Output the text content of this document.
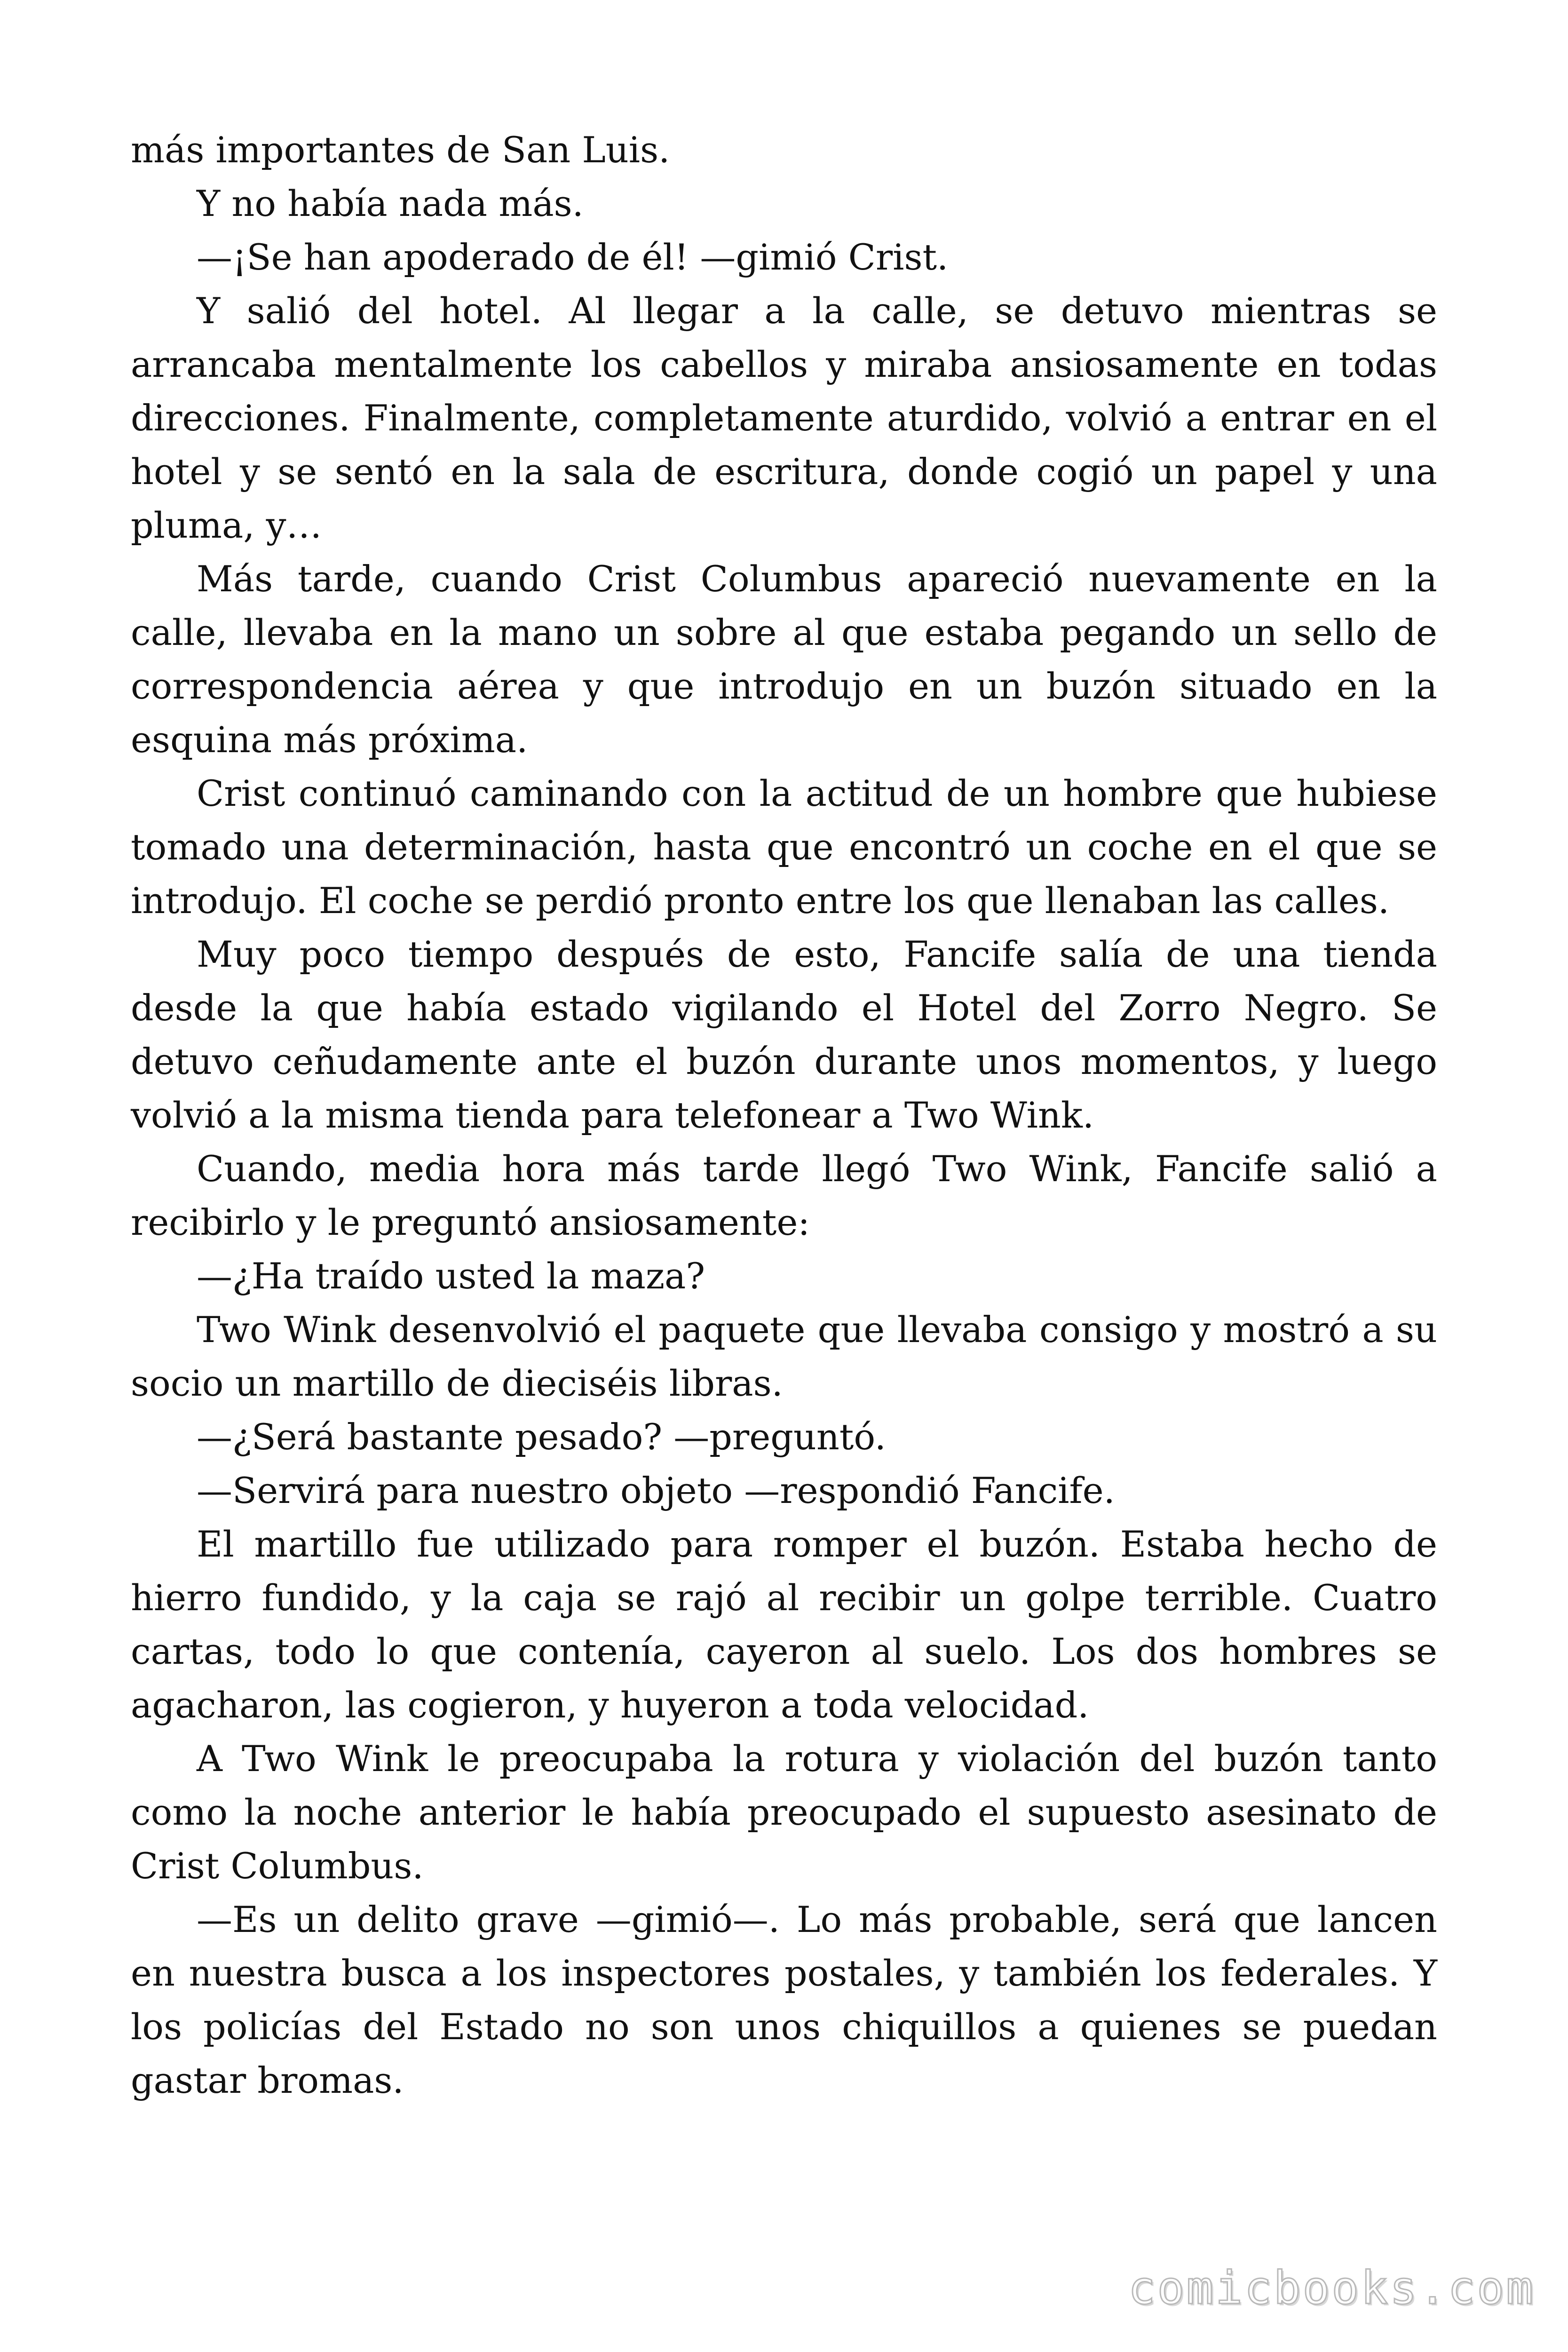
más importantes de San Luis.

Y no había nada más.

—¡Se han apoderado de él! —gimió Crist.

Y salió del hotel. Al llegar a la calle, se detuvo mientras se arrancaba mentalmente los cabellos y miraba ansiosamente en todas direcciones. Finalmente, completamente aturdido, volvió a entrar en el hotel y se sentó en la sala de escritura, donde cogió un papel y una pluma, y…

Más tarde, cuando Crist Columbus apareció nuevamente en la calle, llevaba en la mano un sobre al que estaba pegando un sello de correspondencia aérea y que introdujo en un buzón situado en la esquina más próxima.

Crist continuó caminando con la actitud de un hombre que hubiese tomado una determinación, hasta que encontró un coche en el que se introdujo. El coche se perdió pronto entre los que llenaban las calles.

Muy poco tiempo después de esto, Fancife salía de una tienda desde la que había estado vigilando el Hotel del Zorro Negro. Se detuvo ceñudamente ante el buzón durante unos momentos, y luego volvió a la misma tienda para telefonear a Two Wink.

Cuando, media hora más tarde llegó Two Wink, Fancife salió a recibirlo y le preguntó ansiosamente:

—¿Ha traído usted la maza?

Two Wink desenvolvió el paquete que llevaba consigo y mostró a su socio un martillo de dieciséis libras.

—¿Será bastante pesado? —preguntó.

—Servirá para nuestro objeto —respondió Fancife.

El martillo fue utilizado para romper el buzón. Estaba hecho de hierro fundido, y la caja se rajó al recibir un golpe terrible. Cuatro cartas, todo lo que contenía, cayeron al suelo. Los dos hombres se agacharon, las cogieron, y huyeron a toda velocidad.

A Two Wink le preocupaba la rotura y violación del buzón tanto como la noche anterior le había preocupado el supuesto asesinato de Crist Columbus.

—Es un delito grave —gimió—. Lo más probable, será que lancen en nuestra busca a los inspectores postales, y también los federales. Y los policías del Estado no son unos chiquillos a quienes se puedan gastar bromas.

comicbooks.com
